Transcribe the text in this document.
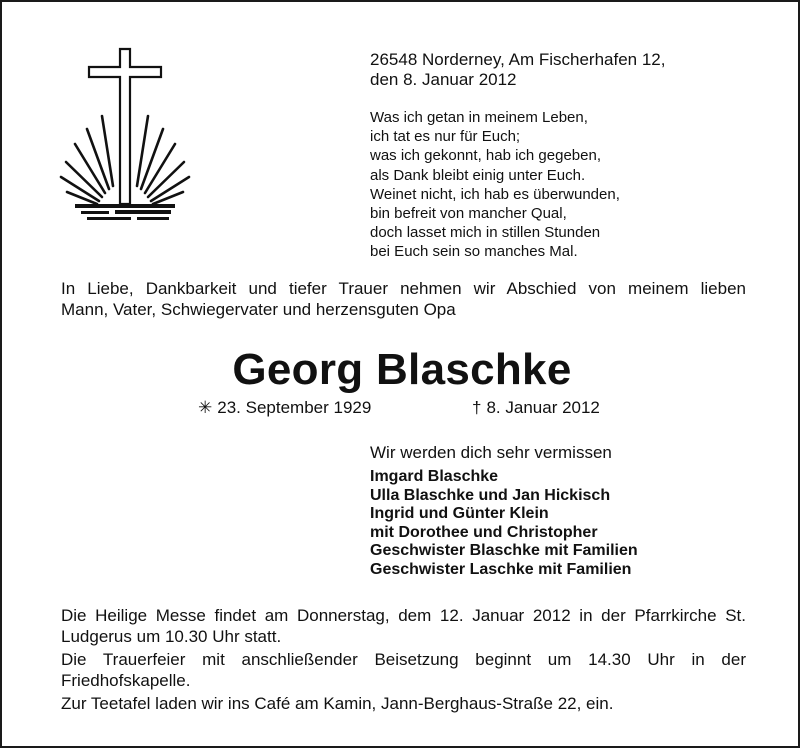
26548 Norderney, Am Fischerhafen 12,
den 8. Januar 2012
Was ich getan in meinem Leben,
ich tat es nur für Euch;
was ich gekonnt, hab ich gegeben,
als Dank bleibt einig unter Euch.
Weinet nicht, ich hab es überwunden,
bin befreit von mancher Qual,
doch lasset mich in stillen Stunden
bei Euch sein so manches Mal.
In Liebe, Dankbarkeit und tiefer Trauer nehmen wir Abschied von meinem lieben
Mann, Vater, Schwiegervater und herzensguten Opa
Georg Blaschke
✳ 23. September 1929	† 8. Januar 2012
Wir werden dich sehr vermissen
Imgard Blaschke
Ulla Blaschke und Jan Hickisch
Ingrid und Günter Klein
mit Dorothee und Christopher
Geschwister Blaschke mit Familien
Geschwister Laschke mit Familien
Die Heilige Messe findet am Donnerstag, dem 12. Januar 2012 in der Pfarrkirche St.
Ludgerus um 10.30 Uhr statt.
Die Trauerfeier mit anschließender Beisetzung beginnt um 14.30 Uhr in der
Friedhofskapelle.
Zur Teetafel laden wir ins Café am Kamin, Jann-Berghaus-Straße 22, ein.
